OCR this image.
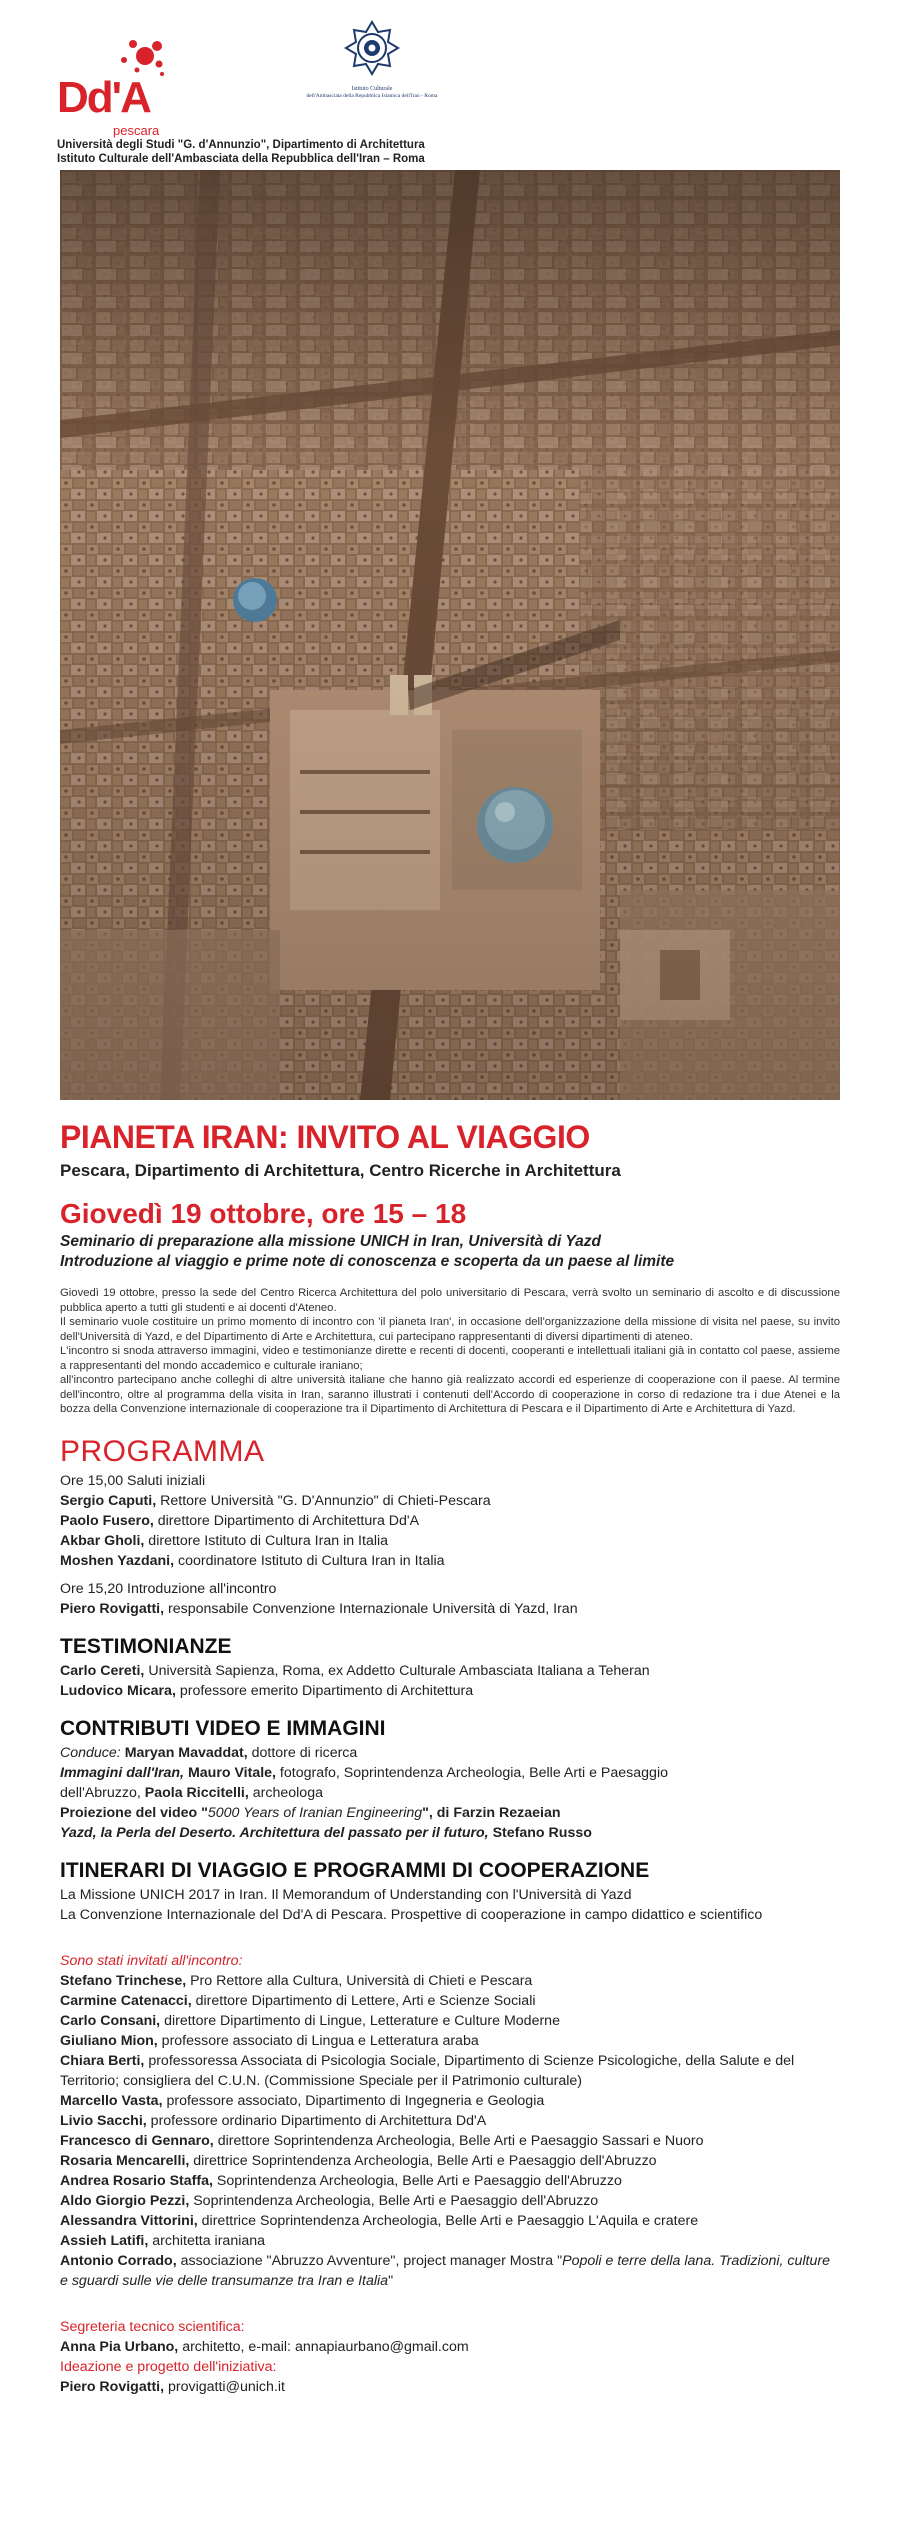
Dd'A
pescara
Istituto Culturale
dell'Ambasciata della Repubblica Islamica dell'Iran - Roma
Università degli Studi "G. d'Annunzio", Dipartimento di Architettura
Istituto Culturale dell'Ambasciata della Repubblica dell'Iran – Roma
PIANETA IRAN: INVITO AL VIAGGIO
Pescara, Dipartimento di Architettura, Centro Ricerche in Architettura
Giovedì 19 ottobre, ore 15 – 18
Seminario di preparazione alla missione UNICH in Iran, Università di Yazd
Introduzione al viaggio e prime note di conoscenza e scoperta da un paese al limite

Giovedì 19 ottobre, presso la sede del Centro Ricerca Architettura del polo universitario di Pescara, verrà svolto un seminario di ascolto e di discussione pubblica aperto a tutti gli studenti e ai docenti d'Ateneo.

Il seminario vuole costituire un primo momento di incontro con 'il pianeta Iran', in occasione dell'organizzazione della missione di visita nel paese, su invito dell'Università di Yazd, e del Dipartimento di Arte e Architettura, cui partecipano rappresentanti di diversi dipartimenti di ateneo.

L'incontro si snoda attraverso immagini, video e testimonianze dirette e recenti di docenti, cooperanti e intellettuali italiani già in contatto col paese, assieme a rappresentanti del mondo accademico e culturale iraniano;

all'incontro partecipano anche colleghi di altre università italiane che hanno già realizzato accordi ed esperienze di cooperazione con il paese. Al termine dell'incontro, oltre al programma della visita in Iran, saranno illustrati i contenuti dell'Accordo di cooperazione in corso di redazione tra i due Atenei e la bozza della Convenzione internazionale di cooperazione tra il Dipartimento di Architettura di Pescara e il Dipartimento di Arte e Architettura di Yazd.

PROGRAMMA
Ore 15,00 Saluti iniziali
Sergio Caputi, Rettore Università "G. D'Annunzio" di Chieti-Pescara
Paolo Fusero, direttore Dipartimento di Architettura Dd'A
Akbar Gholi, direttore Istituto di Cultura Iran in Italia
Moshen Yazdani, coordinatore Istituto di Cultura Iran in Italia
Ore 15,20 Introduzione all'incontro
Piero Rovigatti, responsabile Convenzione Internazionale Università di Yazd, Iran
TESTIMONIANZE
Carlo Cereti, Università Sapienza, Roma, ex Addetto Culturale Ambasciata Italiana a Teheran
Ludovico Micara, professore emerito Dipartimento di Architettura
CONTRIBUTI VIDEO E IMMAGINI
Conduce: Maryan Mavaddat, dottore di ricerca
Immagini dall'Iran, Mauro Vitale, fotografo, Soprintendenza Archeologia, Belle Arti e Paesaggio
dell'Abruzzo, Paola Riccitelli, archeologa
Proiezione del video "5000 Years of Iranian Engineering", di Farzin Rezaeian
Yazd, la Perla del Deserto. Architettura del passato per il futuro, Stefano Russo
ITINERARI DI VIAGGIO E PROGRAMMI DI COOPERAZIONE
La Missione UNICH 2017 in Iran. Il Memorandum of Understanding con l'Università di Yazd
La Convenzione Internazionale del Dd'A di Pescara. Prospettive di cooperazione in campo didattico e scientifico
Sono stati invitati all'incontro:
Stefano Trinchese, Pro Rettore alla Cultura, Università di Chieti e Pescara
Carmine Catenacci, direttore Dipartimento di Lettere, Arti e Scienze Sociali
Carlo Consani, direttore Dipartimento di Lingue, Letterature e Culture Moderne
Giuliano Mion, professore associato di Lingua e Letteratura araba
Chiara Berti, professoressa Associata di Psicologia Sociale, Dipartimento di Scienze Psicologiche, della Salute e del Territorio; consigliera del C.U.N. (Commissione Speciale per il Patrimonio culturale)
Marcello Vasta, professore associato, Dipartimento di Ingegneria e Geologia
Livio Sacchi, professore ordinario Dipartimento di Architettura Dd'A
Francesco di Gennaro, direttore Soprintendenza Archeologia, Belle Arti e Paesaggio Sassari e Nuoro
Rosaria Mencarelli, direttrice Soprintendenza Archeologia, Belle Arti e Paesaggio dell'Abruzzo
Andrea Rosario Staffa, Soprintendenza Archeologia, Belle Arti e Paesaggio dell'Abruzzo
Aldo Giorgio Pezzi, Soprintendenza Archeologia, Belle Arti e Paesaggio dell'Abruzzo
Alessandra Vittorini, direttrice Soprintendenza Archeologia, Belle Arti e Paesaggio L'Aquila e cratere
Assieh Latifi, architetta iraniana
Antonio Corrado, associazione "Abruzzo Avventure", project manager Mostra "Popoli e terre della lana. Tradizioni, culture e sguardi sulle vie delle transumanze tra Iran e Italia"
Segreteria tecnico scientifica:
Anna Pia Urbano, architetto, e-mail: annapiaurbano@gmail.com
Ideazione e progetto dell'iniziativa:
Piero Rovigatti, provigatti@unich.it
